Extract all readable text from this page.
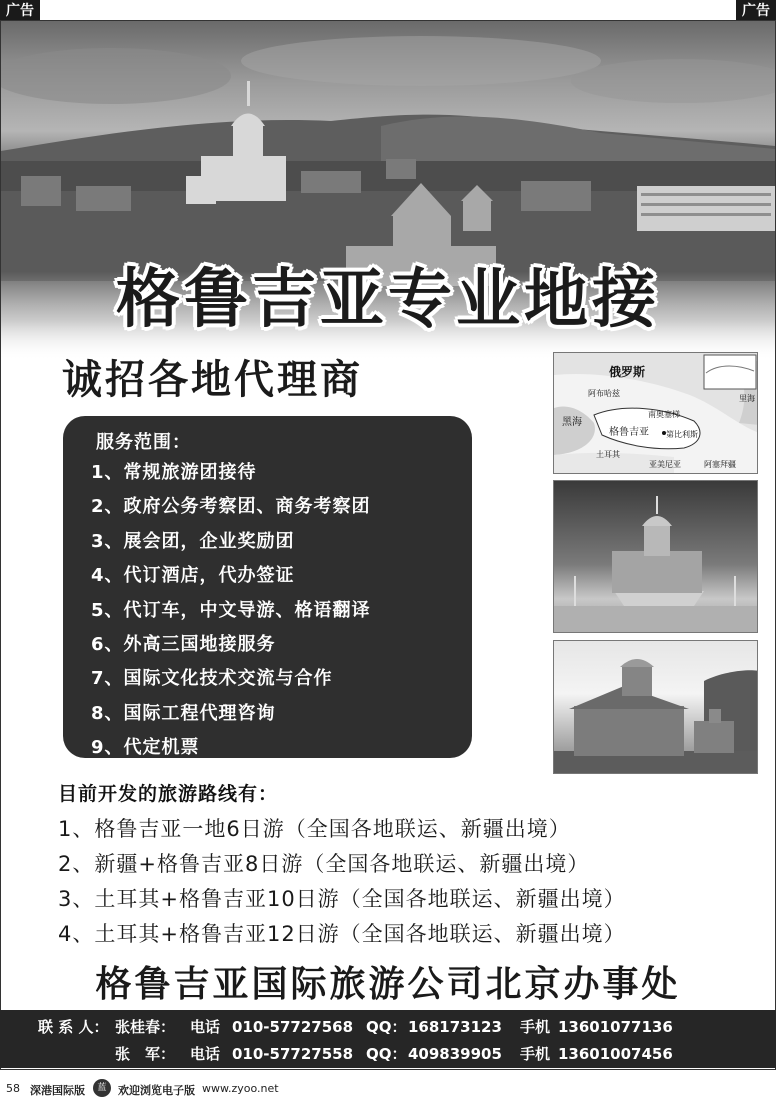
广告	广告
格鲁吉亚专业地接
诚招各地代理商
服务范围：
1、常规旅游团接待
2、政府公务考察团、商务考察团
3、展会团，企业奖励团
4、代订酒店，代办签证
5、代订车，中文导游、格语翻译
6、外高三国地接服务
7、国际文化技术交流与合作
8、国际工程代理咨询
9、代定机票
俄罗斯
黑海
里海
格鲁吉亚
南奥塞梯
阿布哈兹
第比利斯
土耳其
亚美尼亚	阿塞拜疆
目前开发的旅游路线有：
1、格鲁吉亚一地6日游（全国各地联运、新疆出境）
2、新疆+格鲁吉亚8日游（全国各地联运、新疆出境）
3、土耳其+格鲁吉亚10日游（全国各地联运、新疆出境）
4、土耳其+格鲁吉亚12日游（全国各地联运、新疆出境）
格鲁吉亚国际旅游公司北京办事处
联 系 人： 张桂春： 电话 010-57727568 QQ： 168173123 手机 13601077136
张　军： 电话 010-57727558 QQ： 409839905 手机 13601007456
58 深港国际版	欢迎浏览电子版 www.zyoo.net
蓝
